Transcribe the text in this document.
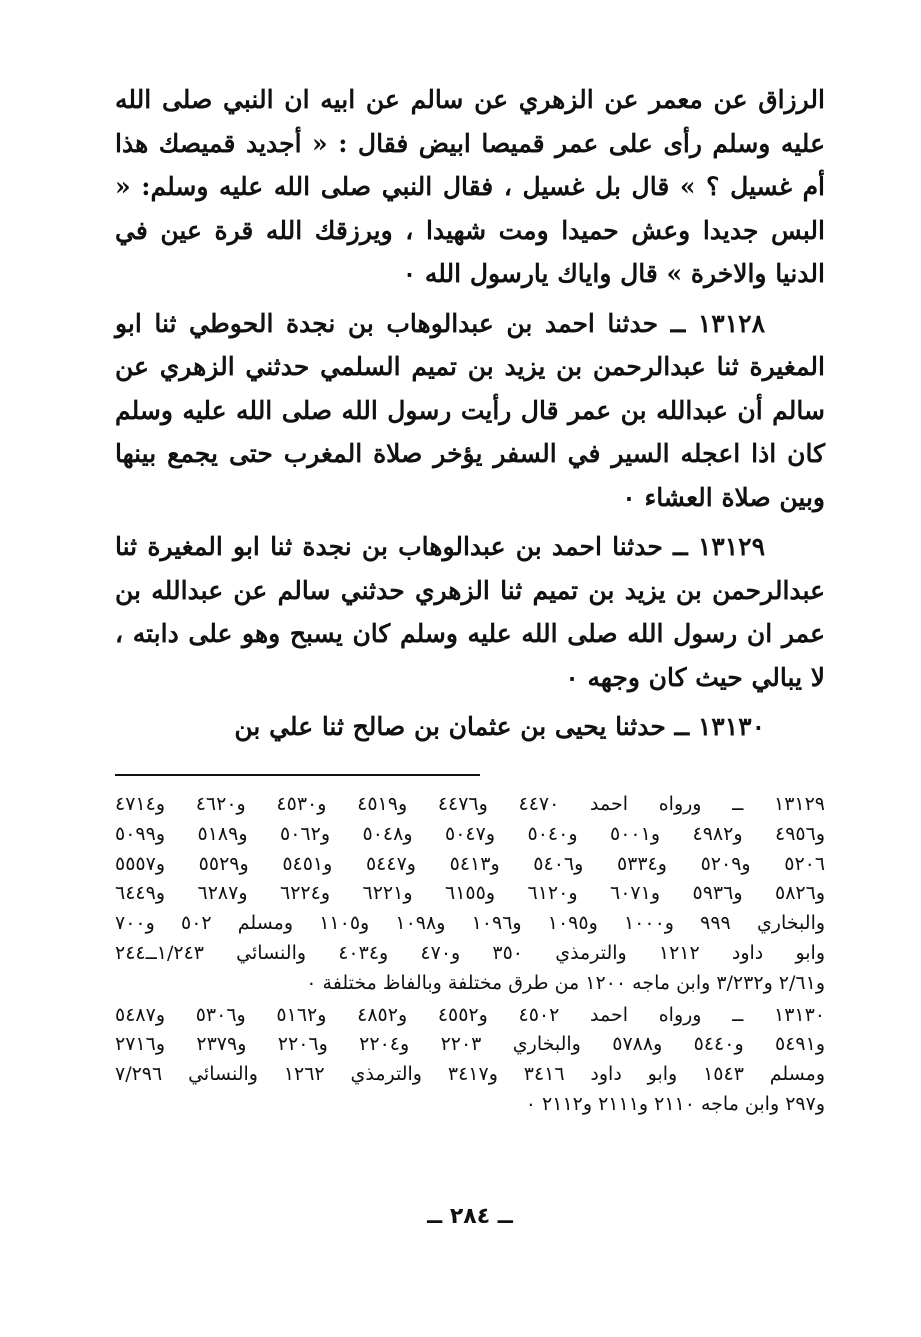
الرزاق عن معمر عن الزهري عن سالم عن ابيه ان النبي صلى الله عليه وسلم رأى على عمر قميصا ابيض فقال : « أجديد قميصك هذا أم غسيل ؟ » قال بل غسيل ، فقال النبي صلى الله عليه وسلم: « البس جديدا وعش حميدا ومت شهيدا ، ويرزقك الله قرة عين في الدنيا والاخرة » قال واياك يارسول الله ٠

١٣١٢٨ ــ حدثنا احمد بن عبدالوهاب بن نجدة الحوطي ثنا ابو المغيرة ثنا عبدالرحمن بن يزيد بن تميم السلمي حدثني الزهري عن سالم أن عبدالله بن عمر قال رأيت رسول الله صلى الله عليه وسلم كان اذا اعجله السير في السفر يؤخر صلاة المغرب حتى يجمع بينها وبين صلاة العشاء ٠

١٣١٢٩ ــ حدثنا احمد بن عبدالوهاب بن نجدة ثنا ابو المغيرة ثنا عبدالرحمن بن يزيد بن تميم ثنا الزهري حدثني سالم عن عبدالله بن عمر ان رسول الله صلى الله عليه وسلم كان يسبح وهو على دابته ، لا يبالي حيث كان وجهه ٠

١٣١٣٠ ــ حدثنا يحيى بن عثمان بن صالح ثنا علي بن

١٣١٢٩ ــ ورواه احمد ٤٤٧٠ و٤٤٧٦ و٤٥١٩ و٤٥٣٠ و٤٦٢٠ و٤٧١٤
و٤٩٥٦ و٤٩٨٢ و٥٠٠١ و٥٠٤٠ و٥٠٤٧ و٥٠٤٨ و٥٠٦٢ و٥١٨٩ و٥٠٩٩
٥٢٠٦ و٥٢٠٩ و٥٣٣٤ و٥٤٠٦ و٥٤١٣ و٥٤٤٧ و٥٤٥١ و٥٥٢٩ و٥٥٥٧
و٥٨٢٦ و٥٩٣٦ و٦٠٧١ و٦١٢٠ و٦١٥٥ و٦٢٢١ و٦٢٢٤ و٦٢٨٧ و٦٤٤٩
والبخاري ٩٩٩ و١٠٠٠ و١٠٩٥ و١٠٩٦ و١٠٩٨ و١١٠٥ ومسلم ٥٠٢ و٧٠٠
وابو داود ١٢١٢ والترمذي ٣٥٠ و٤٧٠ و٤٠٣٤ والنسائي ١/٢٤٣ــ٢٤٤
و٢/٦١ و٣/٢٣٢ وابن ماجه ١٢٠٠ من طرق مختلفة وبالفاظ مختلفة ٠
١٣١٣٠ ــ ورواه احمد ٤٥٠٢ و٤٥٥٢ و٤٨٥٢ و٥١٦٢ و٥٣٠٦ و٥٤٨٧
و٥٤٩١ و٥٤٤٠ و٥٧٨٨ والبخاري ٢٢٠٣ و٢٢٠٤ و٢٢٠٦ و٢٣٧٩ و٢٧١٦
ومسلم ١٥٤٣ وابو داود ٣٤١٦ و٣٤١٧ والترمذي ١٢٦٢ والنسائي ٧/٢٩٦
و٢٩٧ وابن ماجه ٢١١٠ و٢١١١ و٢١١٢ ٠
ــ ٢٨٤ ــ
